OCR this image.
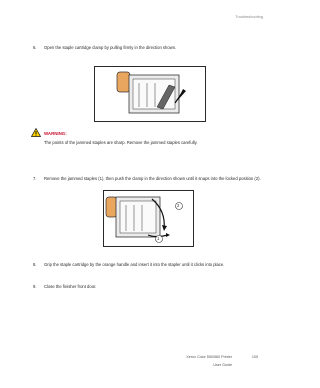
Troubleshooting
6. Open the staple cartridge clamp by pulling firmly in the direction shown.
WARNING:
The points of the jammed staples are sharp. Remove the jammed staples carefully.
7. Remove the jammed staples (1), then push the clamp in the direction shown until it snaps into the locked position (2).
2
1
8. Grip the staple cartridge by the orange handle and insert it into the stapler until it clicks into place.
9. Close the finisher front door.
Xerox Color 550/560 Printer
User Guide
105
